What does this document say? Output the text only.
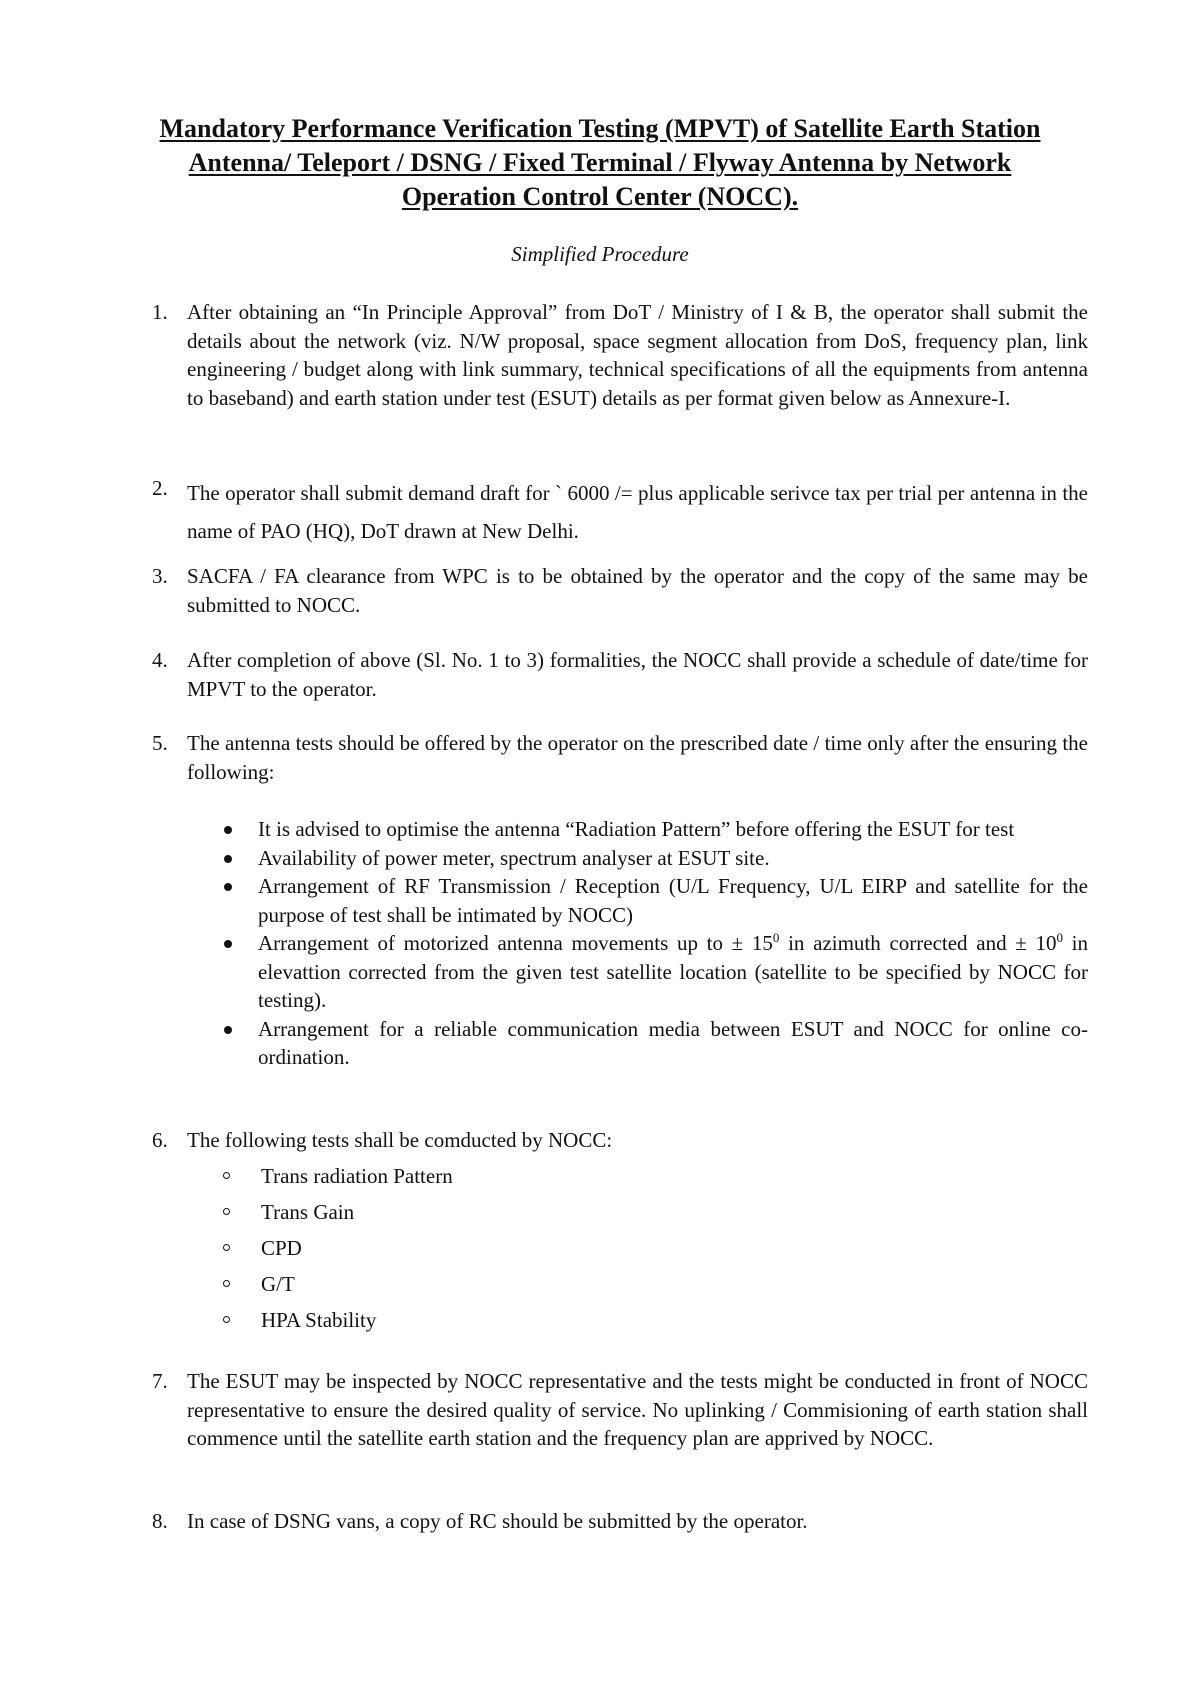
Mandatory Performance Verification Testing (MPVT) of Satellite Earth Station
Antenna/ Teleport / DSNG / Fixed Terminal / Flyway Antenna by Network
Operation Control Center (NOCC).
Simplified Procedure
1. After obtaining an “In Principle Approval” from DoT / Ministry of I & B, the operator shall submit the details about the network (viz. N/W proposal, space segment allocation from DoS, frequency plan, link engineering / budget along with link summary, technical specifications of all the equipments from antenna to baseband) and earth station under test (ESUT) details as per format given below as Annexure-I.
2. The operator shall submit demand draft for ` 6000 /= plus applicable serivce tax per trial per antenna in the name of PAO (HQ), DoT drawn at New Delhi.
3. SACFA / FA clearance from WPC is to be obtained by the operator and the copy of the same may be submitted to NOCC.
4. After completion of above (Sl. No. 1 to 3) formalities, the NOCC shall provide a schedule of date/time for MPVT to the operator.
5. The antenna tests should be offered by the operator on the prescribed date / time only after the ensuring the following:
It is advised to optimise the antenna “Radiation Pattern” before offering the ESUT for test
Availability of power meter, spectrum analyser at ESUT site.
Arrangement of RF Transmission / Reception (U/L Frequency, U/L EIRP and satellite for the purpose of test shall be intimated by NOCC)
Arrangement of motorized antenna movements up to ± $15^0$ in azimuth corrected and ± $10^0$ in elevattion corrected from the given test satellite location (satellite to be specified by NOCC for testing).
Arrangement for a reliable communication media between ESUT and NOCC for online co-ordination.
6. The following tests shall be comducted by NOCC:
Trans radiation Pattern
Trans Gain
CPD
G/T
HPA Stability
7. The ESUT may be inspected by NOCC representative and the tests might be conducted in front of NOCC representative to ensure the desired quality of service. No uplinking / Commisioning of earth station shall commence until the satellite earth station and the frequency plan are apprived by NOCC.
8. In case of DSNG vans, a copy of RC should be submitted by the operator.
